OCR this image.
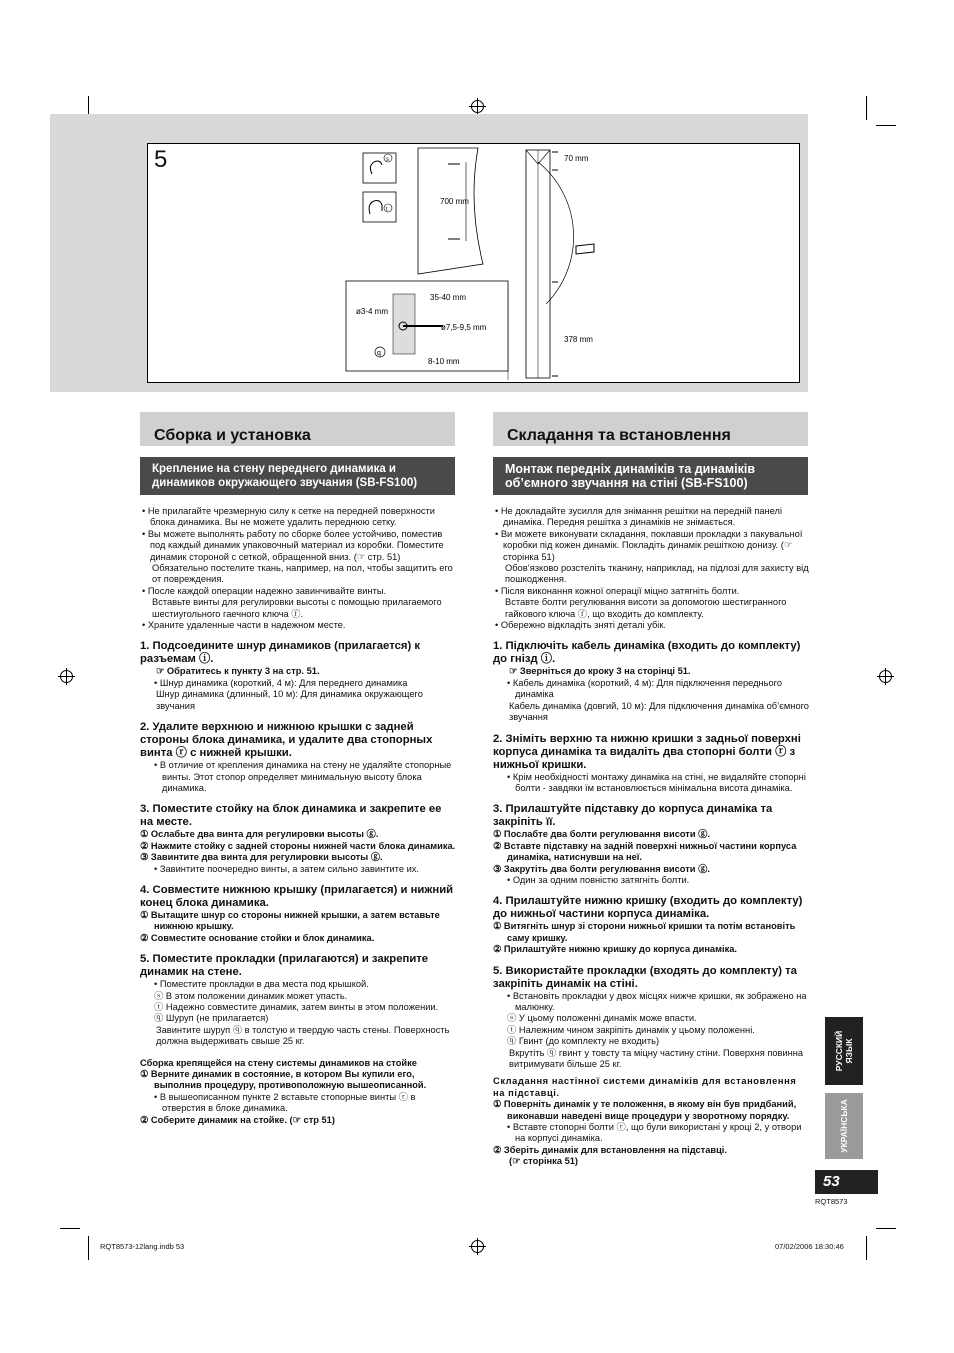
5	s
t
700 mm
70 mm
378 mm
35-40 mm
ø3-4 mm
ø7,5-9,5 mm
8-10 mm
q
Сборка и установка
Крепление на стену переднего динамика и динамиков окружающего звучания (SB-FS100)

• Не прилагайте чрезмерную силу к сетке на передней поверхности блока динамика. Вы не можете удалить переднюю сетку.

• Вы можете выполнять работу по сборке более устойчиво, поместив под каждый динамик упаковочный материал из коробки. Поместите динамик стороной с сеткой, обращенной вниз. (☞ стр. 51)

Обязательно постелите ткань, например, на пол, чтобы защитить его от повреждения.

• После каждой операции надежно завинчивайте винты.

Вставьте винты для регулировки высоты с помощью прилагаемого шестиугольного гаечного ключа ⓕ.

• Храните удаленные части в надежном месте.

1. Подсоедините шнур динамиков (прилагается) к разъемам ⓘ.

☞ Обратитесь к пункту 3 на стр. 51.

• Шнур динамика (короткий, 4 м): Для переднего динамика

Шнур динамика (длинный, 10 м): Для динамика окружающего звучания

2. Удалите верхнюю и нижнюю крышки с задней стороны блока динамика, и удалите два стопорных винта ⓡ с нижней крышки.

• В отличие от крепления динамика на стену не удаляйте стопорные винты. Этот стопор определяет минимальную высоту блока динамика.

3. Поместите стойку на блок динамика и закрепите ее на месте.

① Ослабьте два винта для регулировки высоты ⓖ.

② Нажмите стойку с задней стороны нижней части блока динамика.

③ Завинтите два винта для регулировки высоты ⓖ.

• Завинтите поочередно винты, а затем сильно завинтите их.

4. Совместите нижнюю крышку (прилагается) и нижний конец блока динамика.

① Вытащите шнур со стороны нижней крышки, а затем вставьте нижнюю крышку.

② Совместите основание стойки и блок динамика.

5. Поместите прокладки (прилагаются) и закрепите динамик на стене.

• Поместите прокладки в два места под крышкой.

ⓢ В этом положении динамик может упасть.

ⓣ Надежно совместите динамик, затем винты в этом положении.

ⓠ Шуруп (не прилагается)

Завинтите шуруп ⓠ в толстую и твердую часть стены. Поверхность должна выдерживать свыше 25 кг.

Сборка крепящейся на стену системы динамиков на стойке

① Верните динамик в состояние, в котором Вы купили его, выполнив процедуру, противоположную вышеописанной.

• В вышеописанном пункте 2 вставьте стопорные винты ⓡ в отверстия в блоке динамика.

② Соберите динамик на стойке. (☞ стр 51)

Складання та встановлення
Монтаж передніх динаміків та динаміків об’ємного звучання на стіні (SB-FS100)

• Не докладайте зусилля для знімання решітки на передній панелі динаміка. Передня решітка з динаміків не знімається.

• Ви можете виконувати складання, поклавши прокладки з пакувальної коробки під кожен динамік. Покладіть динамік решіткою донизу. (☞ сторінка 51)

Обов’язково розстеліть тканину, наприклад, на підлозі для захисту від пошкодження.

• Після виконання кожної операції міцно затягніть болти.

Вставте болти регулювання висоти за допомогою шестигранного гайкового ключа ⓕ, що входить до комплекту.

• Обережно відкладіть зняті деталі убік.

1. Підключіть кабель динаміка (входить до комплекту) до гнізд ⓘ.

☞ Зверніться до кроку 3 на сторінці 51.

• Кабель динаміка (короткий, 4 м): Для підключення переднього динаміка

Кабель динаміка (довгий, 10 м): Для підключення динаміка об’ємного звучання

2. Зніміть верхню та нижню кришки з задньої поверхні корпуса динаміка та видаліть два стопорні болти ⓡ з нижньої кришки.

• Крім необхідності монтажу динаміка на стіні, не видаляйте стопорні болти - завдяки їм встановлюється мінімальна висота динаміка.

3. Прилаштуйте підставку до корпуса динаміка та закріпіть її.

① Послабте два болти регулювання висоти ⓖ.

② Вставте підставку на задній поверхні нижньої частини корпуса динаміка, натиснувши на неї.

③ Закрутіть два болти регулювання висоти ⓖ.

• Один за одним повністю затягніть болти.

4. Прилаштуйте нижню кришку (входить до комплекту) до нижньої частини корпуса динаміка.

① Витягніть шнур зі сторони нижньої кришки та потім встановіть саму кришку.

② Прилаштуйте нижню кришку до корпуса динаміка.

5. Використайте прокладки (входять до комплекту) та закріпіть динамік на стіні.

• Встановіть прокладки у двох місцях нижче кришки, як зображено на малюнку.

ⓢ У цьому положенні динамік може впасти.

ⓣ Належним чином закріпіть динамік у цьому положенні.

ⓠ Гвинт (до комплекту не входить)

Вкрутіть ⓠ гвинт у товсту та міцну частину стіни. Поверхня повинна витримувати більше 25 кг.

Складання настінної системи динаміків для встановлення на підставці.

① Поверніть динамік у те положення, в якому він був придбаний, виконавши наведені вище процедури у зворотному порядку.

• Вставте стопорні болти ⓡ, що були використані у кроці 2, у отвори на корпусі динаміка.

② Зберіть динамік для встановлення на підставці.

(☞ сторінка 51)

РУССКИЙ ЯЗЫК
УКРАЇНСЬКА
53
RQT8573
RQT8573-12lang.indb 53	07/02/2006 18:30:46
